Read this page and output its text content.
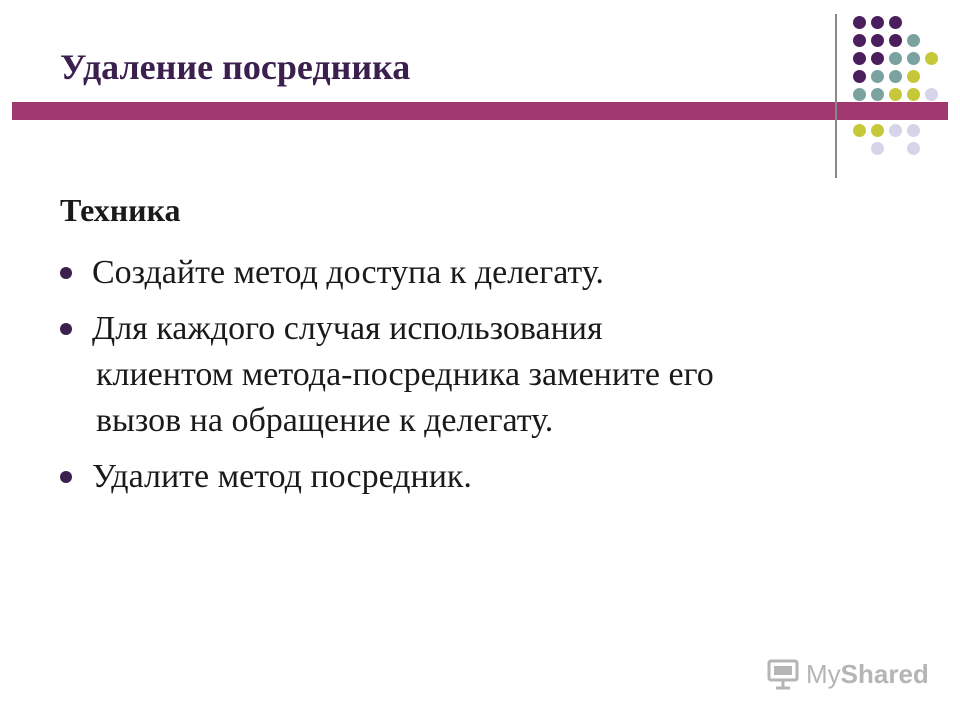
Удаление посредника
Техника
Создайте метод доступа к делегату.
Для каждого случая использования
клиентом метода-посредника замените его
вызов на обращение к делегату.
Удалите метод посредник.
MyShared
